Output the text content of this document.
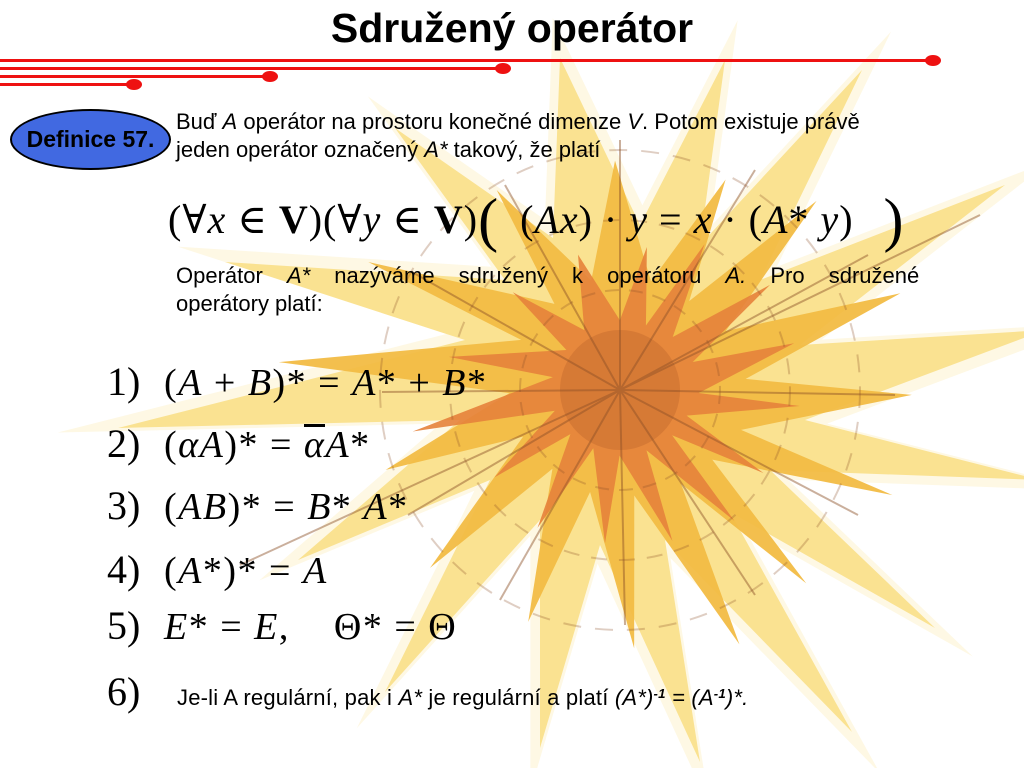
Sdružený operátor
Definice 57.
Buď A operátor na prostoru konečné dimenze V. Potom existuje právě
jeden operátor označený A* takový, že platí
(∀x ∈ V)(∀y ∈ V)(  (Ax) · y = x · (A* y)  )
Operátor A* nazýváme sdružený k operátoru A. Pro sdružené
operátory platí:
1) (A + B)* = A* + B*
2) (αA)* = αA*
3) (AB)* = B* A*
4) (A*)* = A
5) E* = E,    Θ* = Θ
6) Je-li A regulární, pak i A* je regulární a platí $(A*)^{-1} = (A^{-1})*$.
